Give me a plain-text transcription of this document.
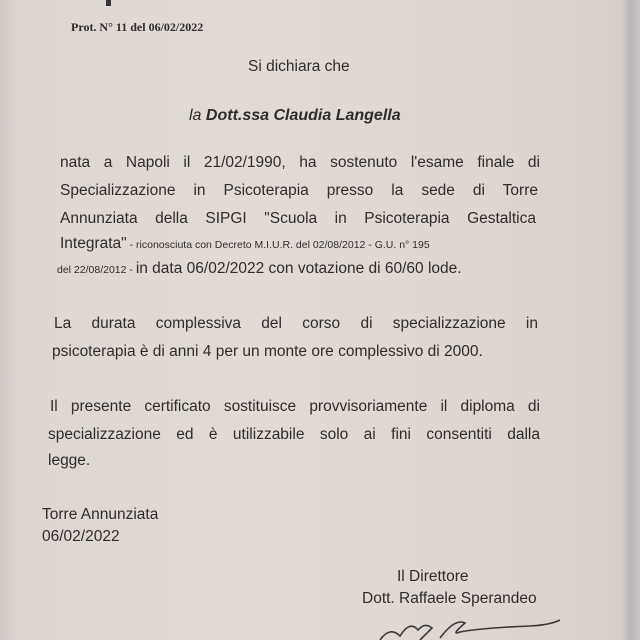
Prot. N° 11 del 06/02/2022
Si dichiara che
la Dott.ssa Claudia Langella
nata a Napoli il 21/02/1990, ha sostenuto l'esame finale di
Specializzazione in Psicoterapia presso la sede di Torre
Annunziata della SIPGI "Scuola in Psicoterapia Gestaltica
Integrata" - riconosciuta con Decreto M.I.U.R. del 02/08/2012 - G.U. n° 195
del 22/08/2012 - in data 06/02/2022 con votazione di 60/60 lode.
La durata complessiva del corso di specializzazione in
psicoterapia è di anni 4 per un monte ore complessivo di 2000.
Il presente certificato sostituisce provvisoriamente il diploma di
specializzazione ed è utilizzabile solo ai fini consentiti dalla
legge.
Torre Annunziata
06/02/2022
Il Direttore
Dott. Raffaele Sperandeo
